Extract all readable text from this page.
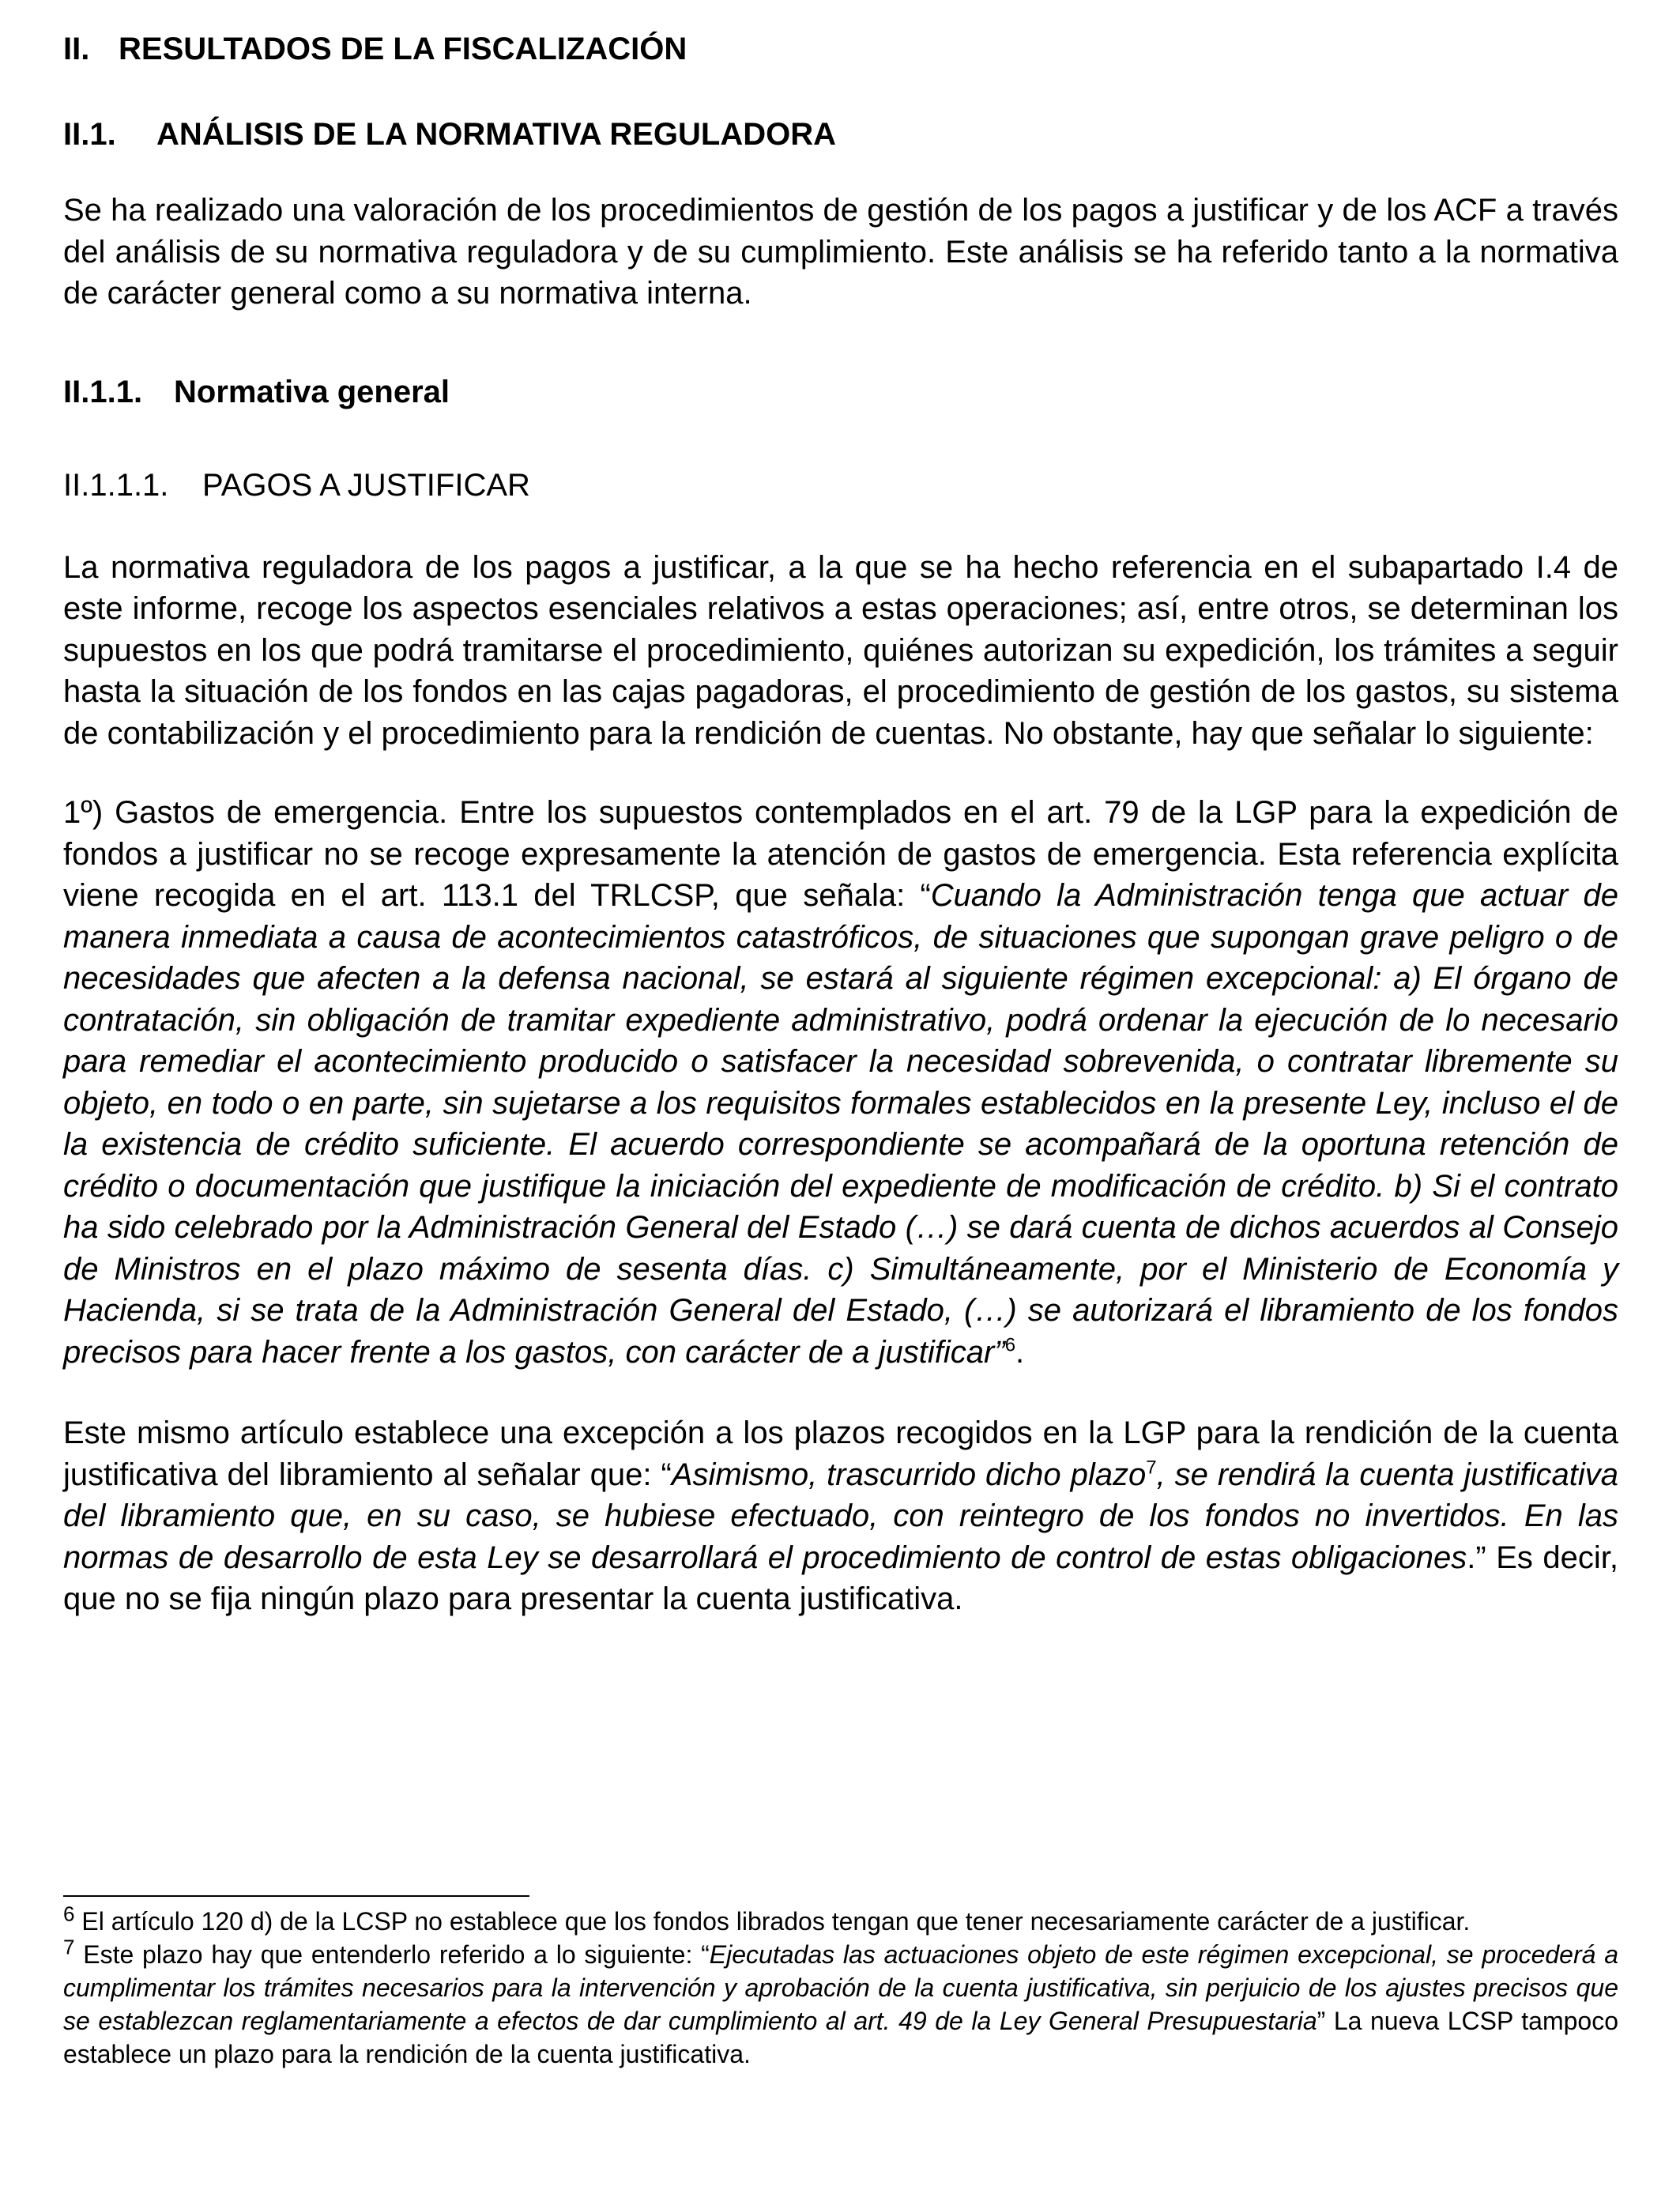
II. RESULTADOS DE LA FISCALIZACIÓN
II.1.	ANÁLISIS DE LA NORMATIVA REGULADORA

Se ha realizado una valoración de los procedimientos de gestión de los pagos a justificar y de los ACF a través del análisis de su normativa reguladora y de su cumplimiento. Este análisis se ha referido tanto a la normativa de carácter general como a su normativa interna.

II.1.1. Normativa general
II.1.1.1.	PAGOS A JUSTIFICAR

La normativa reguladora de los pagos a justificar, a la que se ha hecho referencia en el subapartado I.4 de este informe, recoge los aspectos esenciales relativos a estas operaciones; así, entre otros, se determinan los supuestos en los que podrá tramitarse el procedimiento, quiénes autorizan su expedición, los trámites a seguir hasta la situación de los fondos en las cajas pagadoras, el procedimiento de gestión de los gastos, su sistema de contabilización y el procedimiento para la rendición de cuentas. No obstante, hay que señalar lo siguiente:

1º) Gastos de emergencia. Entre los supuestos contemplados en el art. 79 de la LGP para la expedición de fondos a justificar no se recoge expresamente la atención de gastos de emergencia. Esta referencia explícita viene recogida en el art. 113.1 del TRLCSP, que señala: “Cuando la Administración tenga que actuar de manera inmediata a causa de acontecimientos catastróficos, de situaciones que supongan grave peligro o de necesidades que afecten a la defensa nacional, se estará al siguiente régimen excepcional: a) El órgano de contratación, sin obligación de tramitar expediente administrativo, podrá ordenar la ejecución de lo necesario para remediar el acontecimiento producido o satisfacer la necesidad sobrevenida, o contratar libremente su objeto, en todo o en parte, sin sujetarse a los requisitos formales establecidos en la presente Ley, incluso el de la existencia de crédito suficiente. El acuerdo correspondiente se acompañará de la oportuna retención de crédito o documentación que justifique la iniciación del expediente de modificación de crédito. b) Si el contrato ha sido celebrado por la Administración General del Estado (…) se dará cuenta de dichos acuerdos al Consejo de Ministros en el plazo máximo de sesenta días. c) Simultáneamente, por el Ministerio de Economía y Hacienda, si se trata de la Administración General del Estado, (…) se autorizará el libramiento de los fondos precisos para hacer frente a los gastos, con carácter de a justificar”$^6$.

Este mismo artículo establece una excepción a los plazos recogidos en la LGP para la rendición de la cuenta justificativa del libramiento al señalar que: “Asimismo, trascurrido dicho plazo$^7$, se rendirá la cuenta justificativa del libramiento que, en su caso, se hubiese efectuado, con reintegro de los fondos no invertidos. En las normas de desarrollo de esta Ley se desarrollará el procedimiento de control de estas obligaciones.” Es decir, que no se fija ningún plazo para presentar la cuenta justificativa.

$^6$ El artículo 120 d) de la LCSP no establece que los fondos librados tengan que tener necesariamente carácter de a justificar.

$^7$ Este plazo hay que entenderlo referido a lo siguiente: “Ejecutadas las actuaciones objeto de este régimen excepcional, se procederá a cumplimentar los trámites necesarios para la intervención y aprobación de la cuenta justificativa, sin perjuicio de los ajustes precisos que se establezcan reglamentariamente a efectos de dar cumplimiento al art. 49 de la Ley General Presupuestaria” La nueva LCSP tampoco establece un plazo para la rendición de la cuenta justificativa.
